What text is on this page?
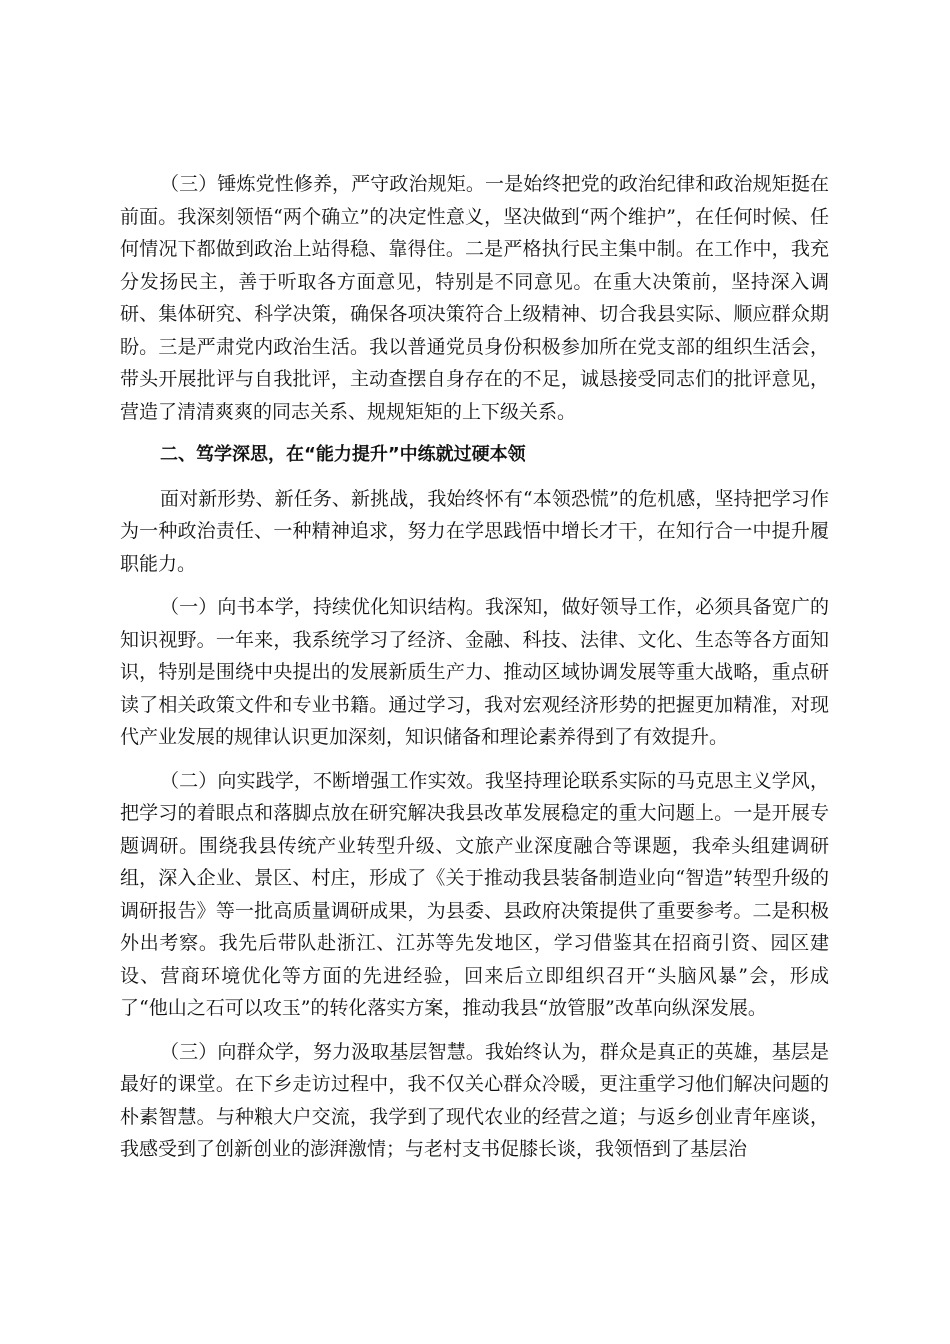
（三）锤炼党性修养，严守政治规矩。一是始终把党的政治纪律和政治规矩挺在前面。我深刻领悟“两个确立”的决定性意义，坚决做到“两个维护”，在任何时候、任何情况下都做到政治上站得稳、靠得住。二是严格执行民主集中制。在工作中，我充分发扬民主，善于听取各方面意见，特别是不同意见。在重大决策前，坚持深入调研、集体研究、科学决策，确保各项决策符合上级精神、切合我县实际、顺应群众期盼。三是严肃党内政治生活。我以普通党员身份积极参加所在党支部的组织生活会，带头开展批评与自我批评，主动查摆自身存在的不足，诚恳接受同志们的批评意见，营造了清清爽爽的同志关系、规规矩矩的上下级关系。

二、笃学深思，在“能力提升”中练就过硬本领

面对新形势、新任务、新挑战，我始终怀有“本领恐慌”的危机感，坚持把学习作为一种政治责任、一种精神追求，努力在学思践悟中增长才干，在知行合一中提升履职能力。

（一）向书本学，持续优化知识结构。我深知，做好领导工作，必须具备宽广的知识视野。一年来，我系统学习了经济、金融、科技、法律、文化、生态等各方面知识，特别是围绕中央提出的发展新质生产力、推动区域协调发展等重大战略，重点研读了相关政策文件和专业书籍。通过学习，我对宏观经济形势的把握更加精准，对现代产业发展的规律认识更加深刻，知识储备和理论素养得到了有效提升。

（二）向实践学，不断增强工作实效。我坚持理论联系实际的马克思主义学风，把学习的着眼点和落脚点放在研究解决我县改革发展稳定的重大问题上。一是开展专题调研。围绕我县传统产业转型升级、文旅产业深度融合等课题，我牵头组建调研组，深入企业、景区、村庄，形成了《关于推动我县装备制造业向“智造”转型升级的调研报告》等一批高质量调研成果，为县委、县政府决策提供了重要参考。二是积极外出考察。我先后带队赴浙江、江苏等先发地区，学习借鉴其在招商引资、园区建设、营商环境优化等方面的先进经验，回来后立即组织召开“头脑风暴”会，形成了“他山之石可以攻玉”的转化落实方案，推动我县“放管服”改革向纵深发展。

（三）向群众学，努力汲取基层智慧。我始终认为，群众是真正的英雄，基层是最好的课堂。在下乡走访过程中，我不仅关心群众冷暖，更注重学习他们解决问题的朴素智慧。与种粮大户交流，我学到了现代农业的经营之道；与返乡创业青年座谈，我感受到了创新创业的澎湃激情；与老村支书促膝长谈，我领悟到了基层治
